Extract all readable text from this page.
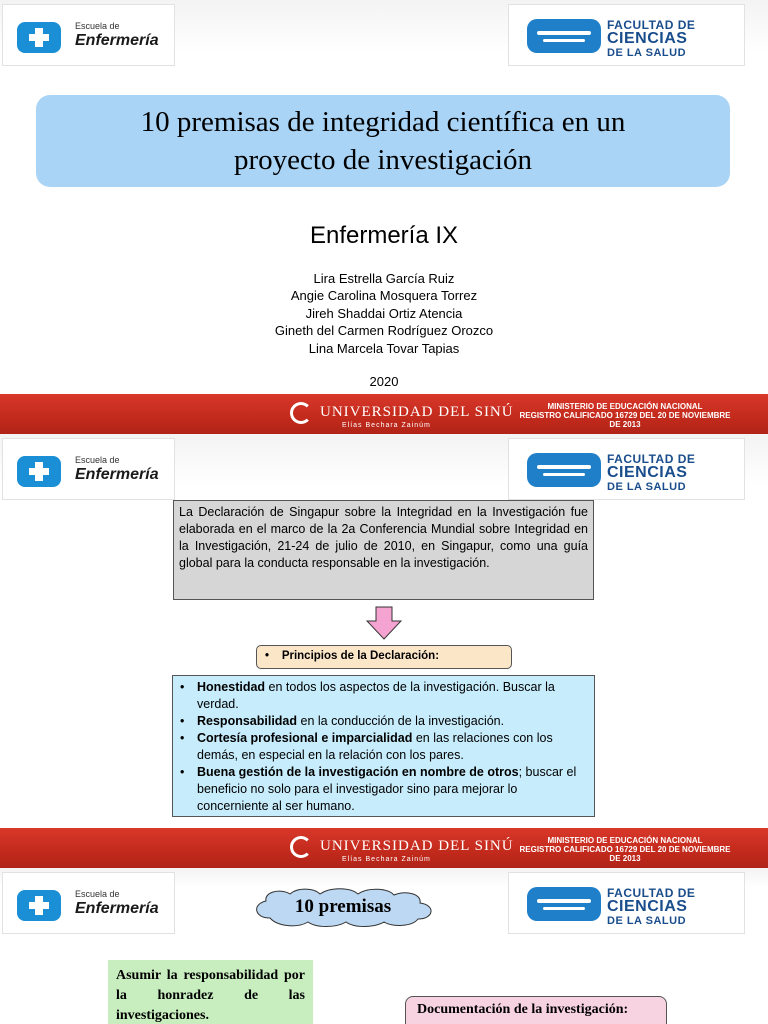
Escuela de
Enfermería
FACULTAD DE
CIENCIAS
DE LA SALUD
10 premisas de integridad científica en un
proyecto de investigación
Enfermería IX
Lira Estrella García Ruiz
Angie Carolina Mosquera Torrez
Jireh Shaddai Ortiz Atencia
Gineth del Carmen Rodríguez Orozco
Lina Marcela Tovar Tapias
2020
UNIVERSIDAD DEL SINÚ
Elías Bechara Zainúm
MINISTERIO DE EDUCACIÓN NACIONAL
REGISTRO CALIFICADO 16729 DEL 20 DE NOVIEMBRE
DE 2013
Escuela de
Enfermería
FACULTAD DE
CIENCIAS
DE LA SALUD
La Declaración de Singapur sobre la Integridad en la Investigación fue elaborada en el marco de la 2a Conferencia Mundial sobre Integridad en la Investigación, 21-24 de julio de 2010, en Singapur, como una guía global para la conducta responsable en la investigación.
•    Principios de la Declaración:
• Honestidad en todos los aspectos de la investigación. Buscar la verdad.
• Responsabilidad en la conducción de la investigación.
• Cortesía profesional e imparcialidad en las relaciones con los demás, en especial en la relación con los pares.
• Buena gestión de la investigación en nombre de otros; buscar el beneficio no solo para el investigador sino para mejorar lo concerniente al ser humano.
UNIVERSIDAD DEL SINÚ
Elías Bechara Zainúm
MINISTERIO DE EDUCACIÓN NACIONAL
REGISTRO CALIFICADO 16729 DEL 20 DE NOVIEMBRE
DE 2013
Escuela de
Enfermería
FACULTAD DE
CIENCIAS
DE LA SALUD
10 premisas
Asumir la responsabilidad por la honradez de las investigaciones.	Documentación de la investigación:
